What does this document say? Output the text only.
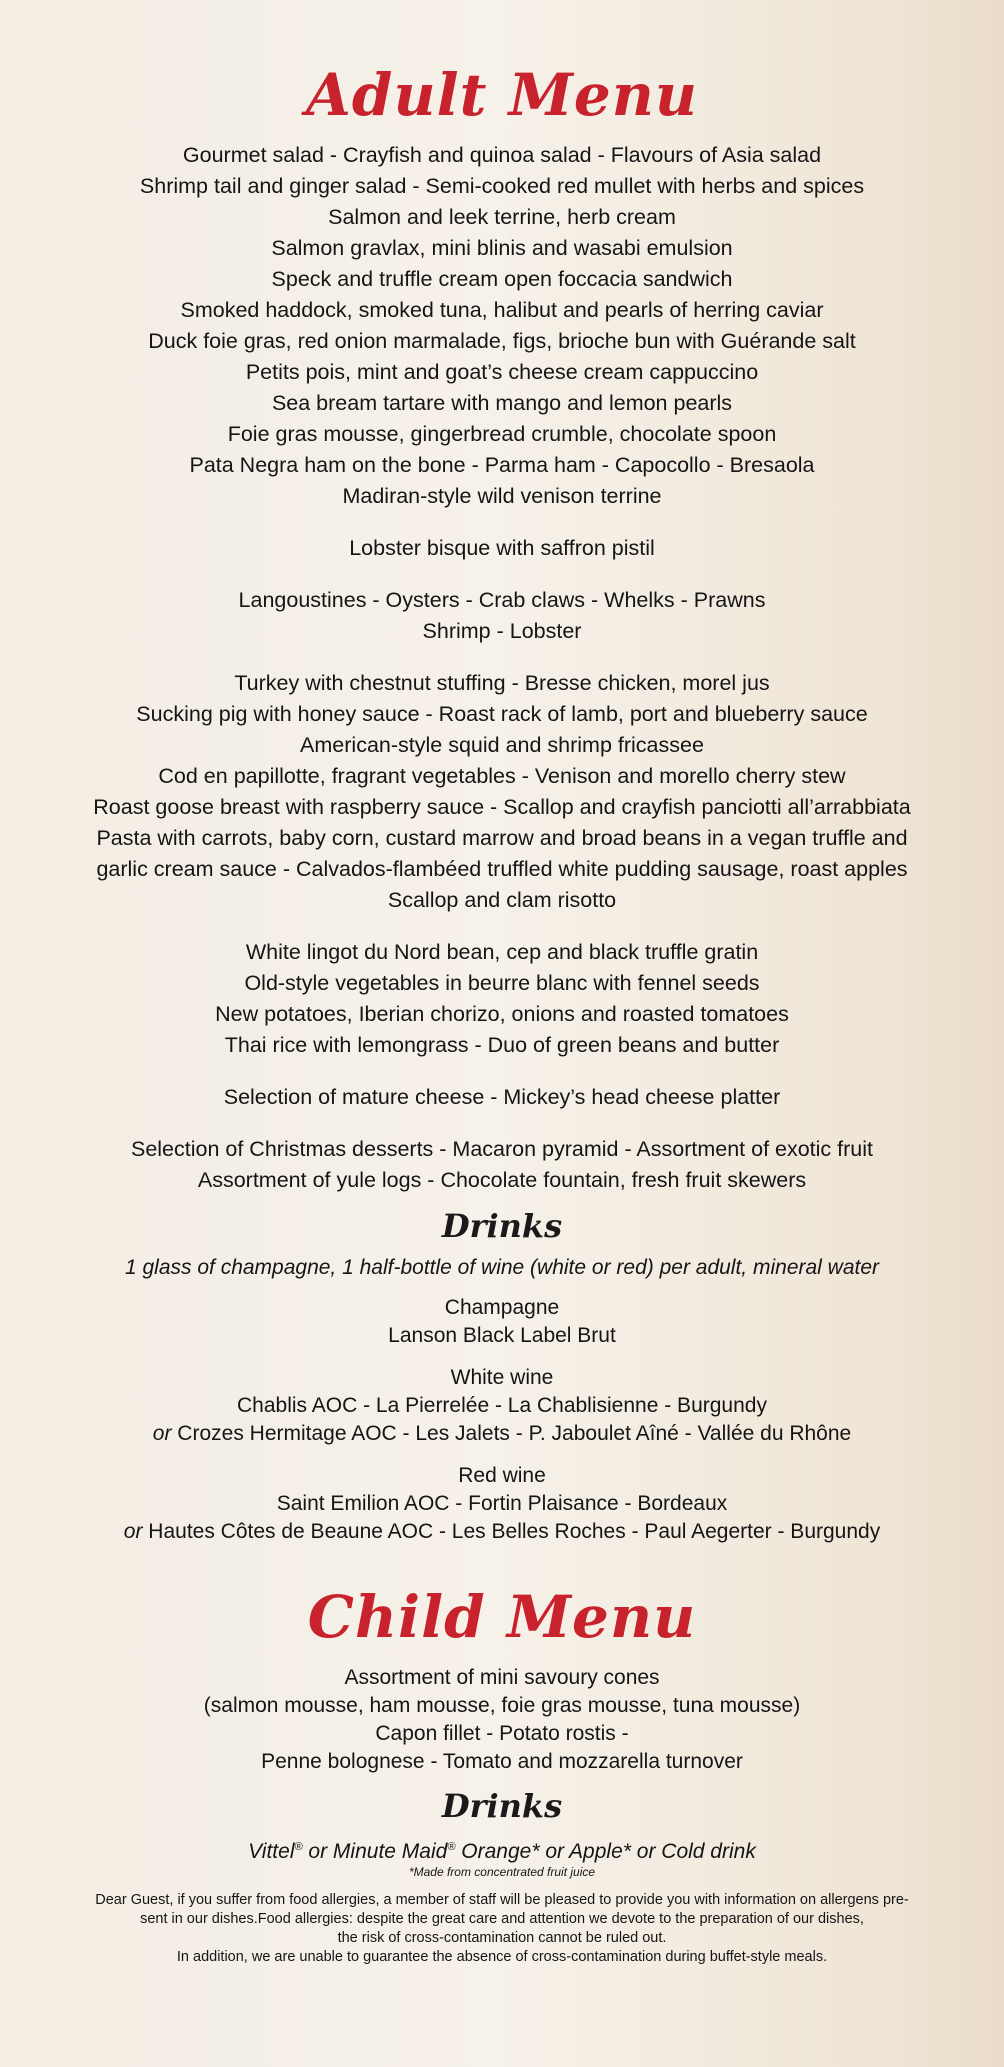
Adult Menu
Gourmet salad - Crayfish and quinoa salad - Flavours of Asia salad
Shrimp tail and ginger salad - Semi-cooked red mullet with herbs and spices
Salmon and leek terrine, herb cream
Salmon gravlax, mini blinis and wasabi emulsion
Speck and truffle cream open foccacia sandwich
Smoked haddock, smoked tuna, halibut and pearls of herring caviar
Duck foie gras, red onion marmalade, figs, brioche bun with Guérande salt
Petits pois, mint and goat’s cheese cream cappuccino
Sea bream tartare with mango and lemon pearls
Foie gras mousse, gingerbread crumble, chocolate spoon
Pata Negra ham on the bone - Parma ham - Capocollo - Bresaola
Madiran-style wild venison terrine
Lobster bisque with saffron pistil
Langoustines - Oysters - Crab claws - Whelks - Prawns
Shrimp - Lobster
Turkey with chestnut stuffing - Bresse chicken, morel jus
Sucking pig with honey sauce - Roast rack of lamb, port and blueberry sauce
American-style squid and shrimp fricassee
Cod en papillotte, fragrant vegetables - Venison and morello cherry stew
Roast goose breast with raspberry sauce - Scallop and crayfish panciotti all’arrabbiata
Pasta with carrots, baby corn, custard marrow and broad beans in a vegan truffle and
garlic cream sauce - Calvados-flambéed truffled white pudding sausage, roast apples
Scallop and clam risotto
White lingot du Nord bean, cep and black truffle gratin
Old-style vegetables in beurre blanc with fennel seeds
New potatoes, Iberian chorizo, onions and roasted tomatoes
Thai rice with lemongrass - Duo of green beans and butter
Selection of mature cheese - Mickey’s head cheese platter
Selection of Christmas desserts - Macaron pyramid - Assortment of exotic fruit
Assortment of yule logs - Chocolate fountain, fresh fruit skewers
Drinks
1 glass of champagne, 1 half-bottle of wine (white or red) per adult, mineral water
Champagne
Lanson Black Label Brut
White wine
Chablis AOC - La Pierrelée - La Chablisienne - Burgundy
or Crozes Hermitage AOC - Les Jalets - P. Jaboulet Aîné - Vallée du Rhône
Red wine
Saint Emilion AOC - Fortin Plaisance - Bordeaux
or Hautes Côtes de Beaune AOC - Les Belles Roches - Paul Aegerter - Burgundy
Child Menu
Assortment of mini savoury cones
(salmon mousse, ham mousse, foie gras mousse, tuna mousse)
Capon fillet - Potato rostis -
Penne bolognese - Tomato and mozzarella turnover
Drinks
Vittel® or Minute Maid® Orange* or Apple* or Cold drink
*Made from concentrated fruit juice
Dear Guest, if you suffer from food allergies, a member of staff will be pleased to provide you with information on allergens pre-
sent in our dishes.Food allergies: despite the great care and attention we devote to the preparation of our dishes,
the risk of cross-contamination cannot be ruled out.
In addition, we are unable to guarantee the absence of cross-contamination during buffet-style meals.
